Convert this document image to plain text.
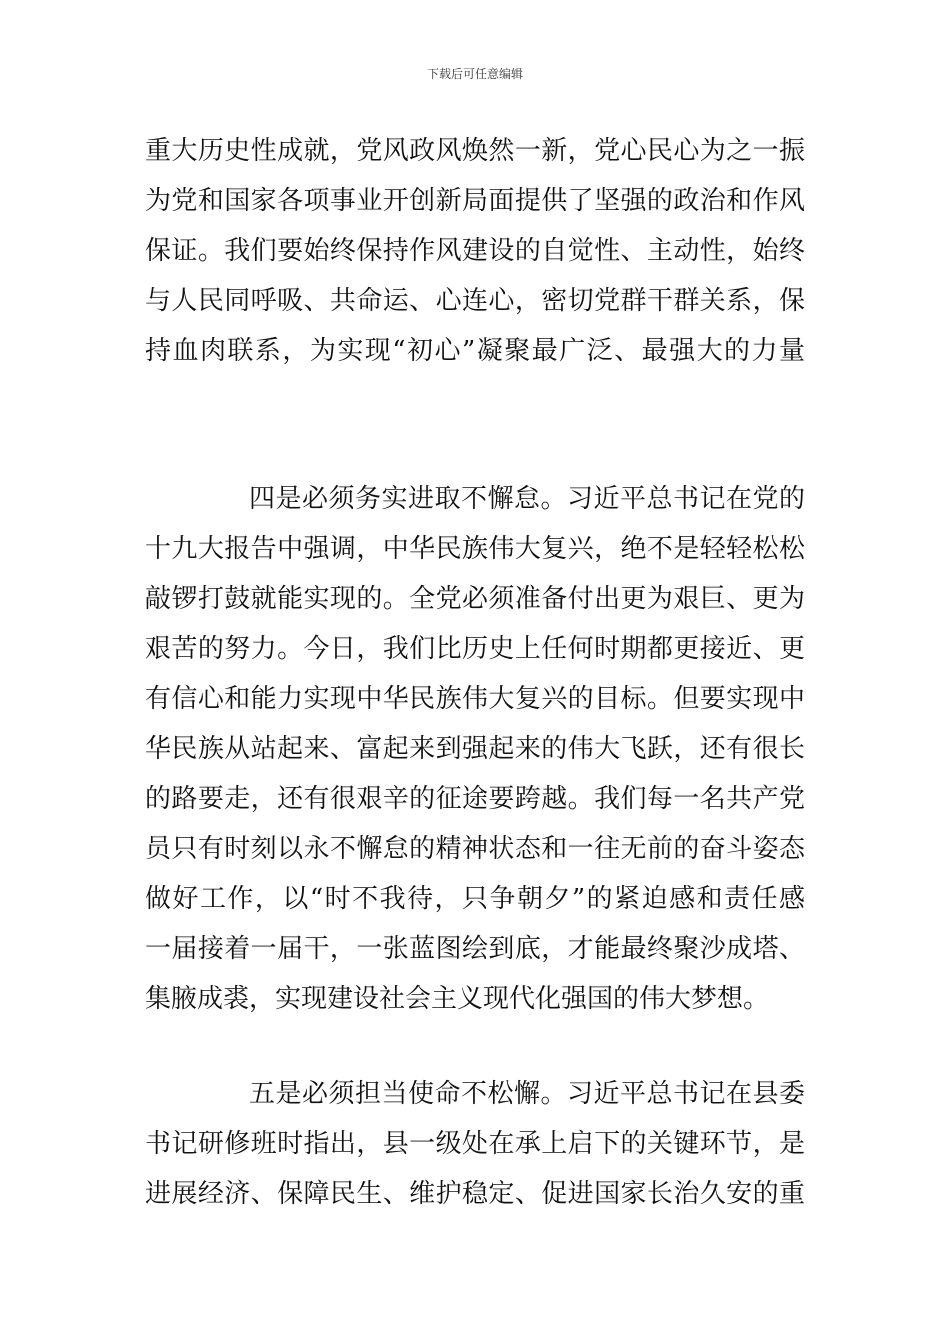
下载后可任意编辑
重大历史性成就，党风政风焕然一新，党心民心为之一振
为党和国家各项事业开创新局面提供了坚强的政治和作风
保证。我们要始终保持作风建设的自觉性、主动性，始终
与人民同呼吸、共命运、心连心，密切党群干群关系，保
持血肉联系，为实现“初心”凝聚最广泛、最强大的力量
四是必须务实进取不懈怠。习近平总书记在党的
十九大报告中强调，中华民族伟大复兴，绝不是轻轻松松
敲锣打鼓就能实现的。全党必须准备付出更为艰巨、更为
艰苦的努力。今日，我们比历史上任何时期都更接近、更
有信心和能力实现中华民族伟大复兴的目标。但要实现中
华民族从站起来、富起来到强起来的伟大飞跃，还有很长
的路要走，还有很艰辛的征途要跨越。我们每一名共产党
员只有时刻以永不懈怠的精神状态和一往无前的奋斗姿态
做好工作，以“时不我待，只争朝夕”的紧迫感和责任感
一届接着一届干，一张蓝图绘到底，才能最终聚沙成塔、
集腋成裘，实现建设社会主义现代化强国的伟大梦想。
五是必须担当使命不松懈。习近平总书记在县委
书记研修班时指出，县一级处在承上启下的关键环节，是
进展经济、保障民生、维护稳定、促进国家长治久安的重
